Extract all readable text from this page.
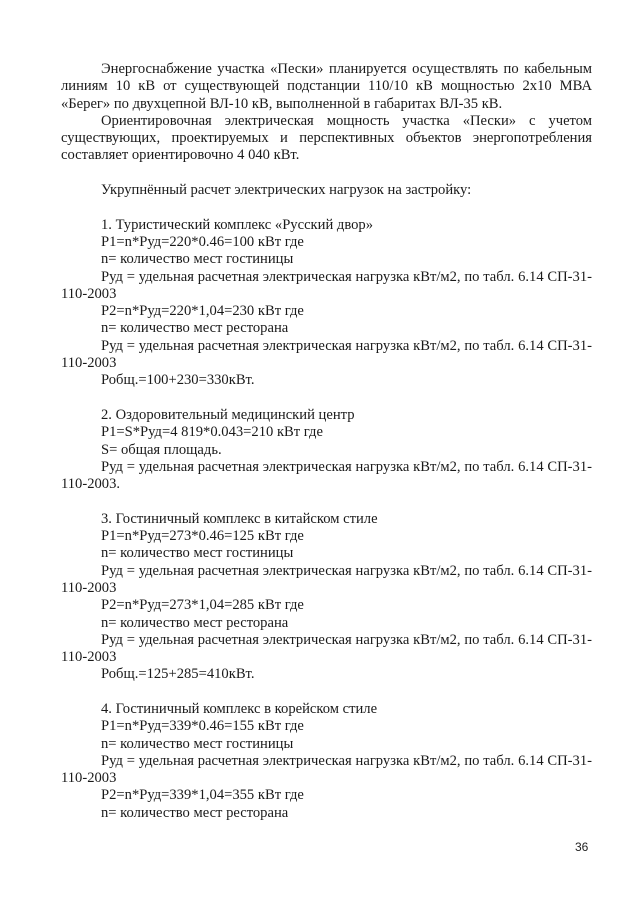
Энергоснабжение участка «Пески» планируется осуществлять по кабельным линиям 10 кВ от существующей подстанции 110/10 кВ мощностью 2х10 МВА «Берег» по двухцепной ВЛ-10 кВ, выполненной в габаритах ВЛ-35 кВ.

Ориентировочная электрическая мощность участка «Пески» с учетом существующих, проектируемых и перспективных объектов энергопотребления составляет ориентировочно 4 040 кВт.

Укрупнённый расчет электрических нагрузок на застройку:

1. Туристический комплекс «Русский двор»

Р1=n*Руд=220*0.46=100 кВт где

n= количество мест гостиницы

Руд = удельная расчетная электрическая нагрузка кВт/м2, по табл. 6.14 СП-31-110-2003

Р2=n*Руд=220*1,04=230 кВт где

n= количество мест ресторана

Руд = удельная расчетная электрическая нагрузка кВт/м2, по табл. 6.14 СП-31-110-2003

Робщ.=100+230=330кВт.

2. Оздоровительный медицинский центр

Р1=S*Руд=4 819*0.043=210 кВт где

S= общая площадь.

Руд = удельная расчетная электрическая нагрузка кВт/м2, по табл. 6.14 СП-31-110-2003.

3. Гостиничный комплекс в китайском стиле

Р1=n*Руд=273*0.46=125 кВт где

n= количество мест гостиницы

Руд = удельная расчетная электрическая нагрузка кВт/м2, по табл. 6.14 СП-31-110-2003

Р2=n*Руд=273*1,04=285 кВт где

n= количество мест ресторана

Руд = удельная расчетная электрическая нагрузка кВт/м2, по табл. 6.14 СП-31-110-2003

Робщ.=125+285=410кВт.

4. Гостиничный комплекс в корейском стиле

Р1=n*Руд=339*0.46=155 кВт где

n= количество мест гостиницы

Руд = удельная расчетная электрическая нагрузка кВт/м2, по табл. 6.14 СП-31-110-2003

Р2=n*Руд=339*1,04=355 кВт где

n= количество мест ресторана

36
